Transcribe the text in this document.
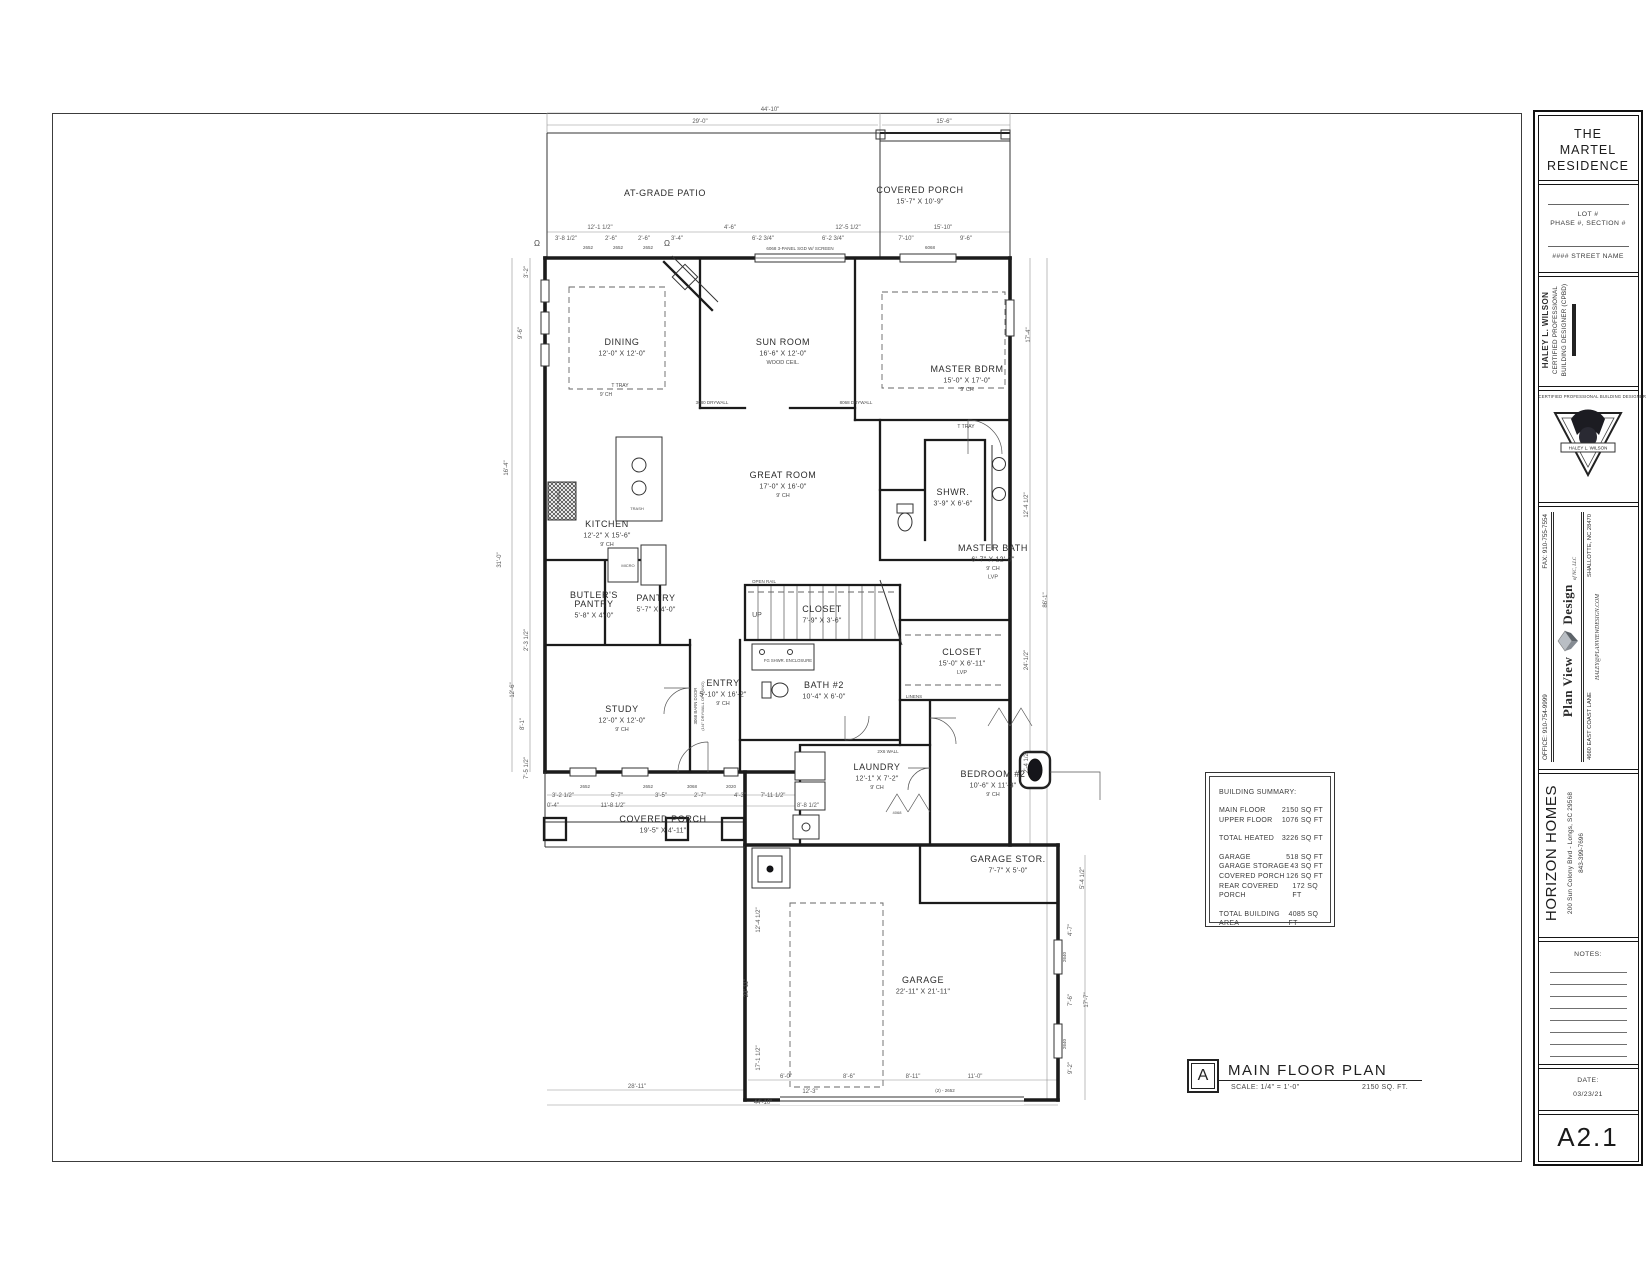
AT-GRADE PATIO	COVERED PORCH
15'-7" X 10'-9"
DINING
12'-0" X 12'-0"
SUN ROOM
16'-6" X 12'-0"
WOOD CEIL.
MASTER BDRM
15'-0" X 17'-0"
9' CH
GREAT ROOM
17'-0" X 16'-0"
9' CH
KITCHEN
12'-2" X 15'-6"
9' CH
SHWR.
3'-9" X 6'-6"
MASTER BATH
6'-7" X 12'-0"
9' CH
LVP
BUTLER'S
PANTRY
5'-8" X 4'-0"
PANTRY
5'-7" X 4'-0"	CLOSET
7'-9" X 3'-6"
ENTRY
5'-10" X 16'-2"
9' CH
BATH #2
10'-4" X 6'-0"
CLOSET
15'-0" X 6'-11"
LVP
STUDY
12'-0" X 12'-0"
9' CH
LAUNDRY
12'-1" X 7'-2"
9' CH
BEDROOM #2
10'-6" X 11'-3"
9' CH
COVERED PORCH
19'-5" X 4'-11"
GARAGE STOR.
7'-7" X 5'-0"
GARAGE
22'-11" X 21'-11"
T TRAY
9' CH
T TRAY
UP
OPEN RAIL
FG SHWR. ENCLOSURE
LINENS
2X6 WALL
3080 DRYWALL	8068 DRYWALL
6068 3-PANEL SGD W/ SCREEN
2652	2652	2652	6068
30" RANGE
MICRO
TRASH
3068 BARN DOOR (1/4" DRYWALL OPENING)
2652	2652	3068	2020
4068
2640
2640
(2) - 2652
Ω	Ω
44'-10"
29'-0"	15'-6"
12'-1 1/2"	4'-6"	12'-5 1/2"	15'-10"
3'-8 1/2"	2'-6"	2'-6"	3'-4"	6'-2 3/4"	6'-2 3/4"	7'-10"	9'-6"
3'-2"
9'-6"
16'-4"
31'-0"
2'-3 1/2"
12'-6"
8'-1"
7'-5 1/2"
17'-4"
12'-4 1/2"
24'-1/2"
86'-1"
2'-4 1/2"
5'-4 1/2"
4'-7"
7'-6" 17'-7"
9'-2"
12'-4 1/2"
23'-11"
17'-1 1/2"
3'-2 1/2"	5'-7"	3'-5"	2'-7"	4'-3" 7'-11 1/2"
0'-4"	11'-8 1/2"	8'-8 1/2"
6'-0"	8'-6"	8'-11"	11'-0"
28'-11"
12'-3"
44'-10"
BUILDING SUMMARY:
MAIN FLOOR 2150 SQ FT
UPPER FLOOR 1076 SQ FT
TOTAL HEATED 3226 SQ FT
GARAGE	518 SQ FT
GARAGE STORAGE 43 SQ FT
COVERED PORCH 126 SQ FT
REAR COVERED PORCH
172 SQ FT
TOTAL BUILDING AREA
4085 SQ FT
A	MAIN FLOOR PLAN
SCALE: 1/4" = 1'-0"	2150 SQ. FT.
THE
MARTEL
RESIDENCE
LOT #
PHASE #, SECTION #
#### STREET NAME
HALEY L. WILSON CERTIFIED PROFESSIONAL BUILDING DESIGNER (CPBD)
CERTIFIED PROFESSIONAL BUILDING DESIGNER
HALEY L. WILSON
OFFICE: 910-754-9999
FAX: 910-755-7554
Plan View
Design
of NC, LLC
4660 EAST COAST LANE
SHALLOTTE, NC 28470
HALEY@PLANVIEWDESIGN.COM
HORIZON HOMES 200 Sun Colony Blvd - Longs, SC 29568 843-399-7696
NOTES:
DATE:
03/23/21
A2.1
